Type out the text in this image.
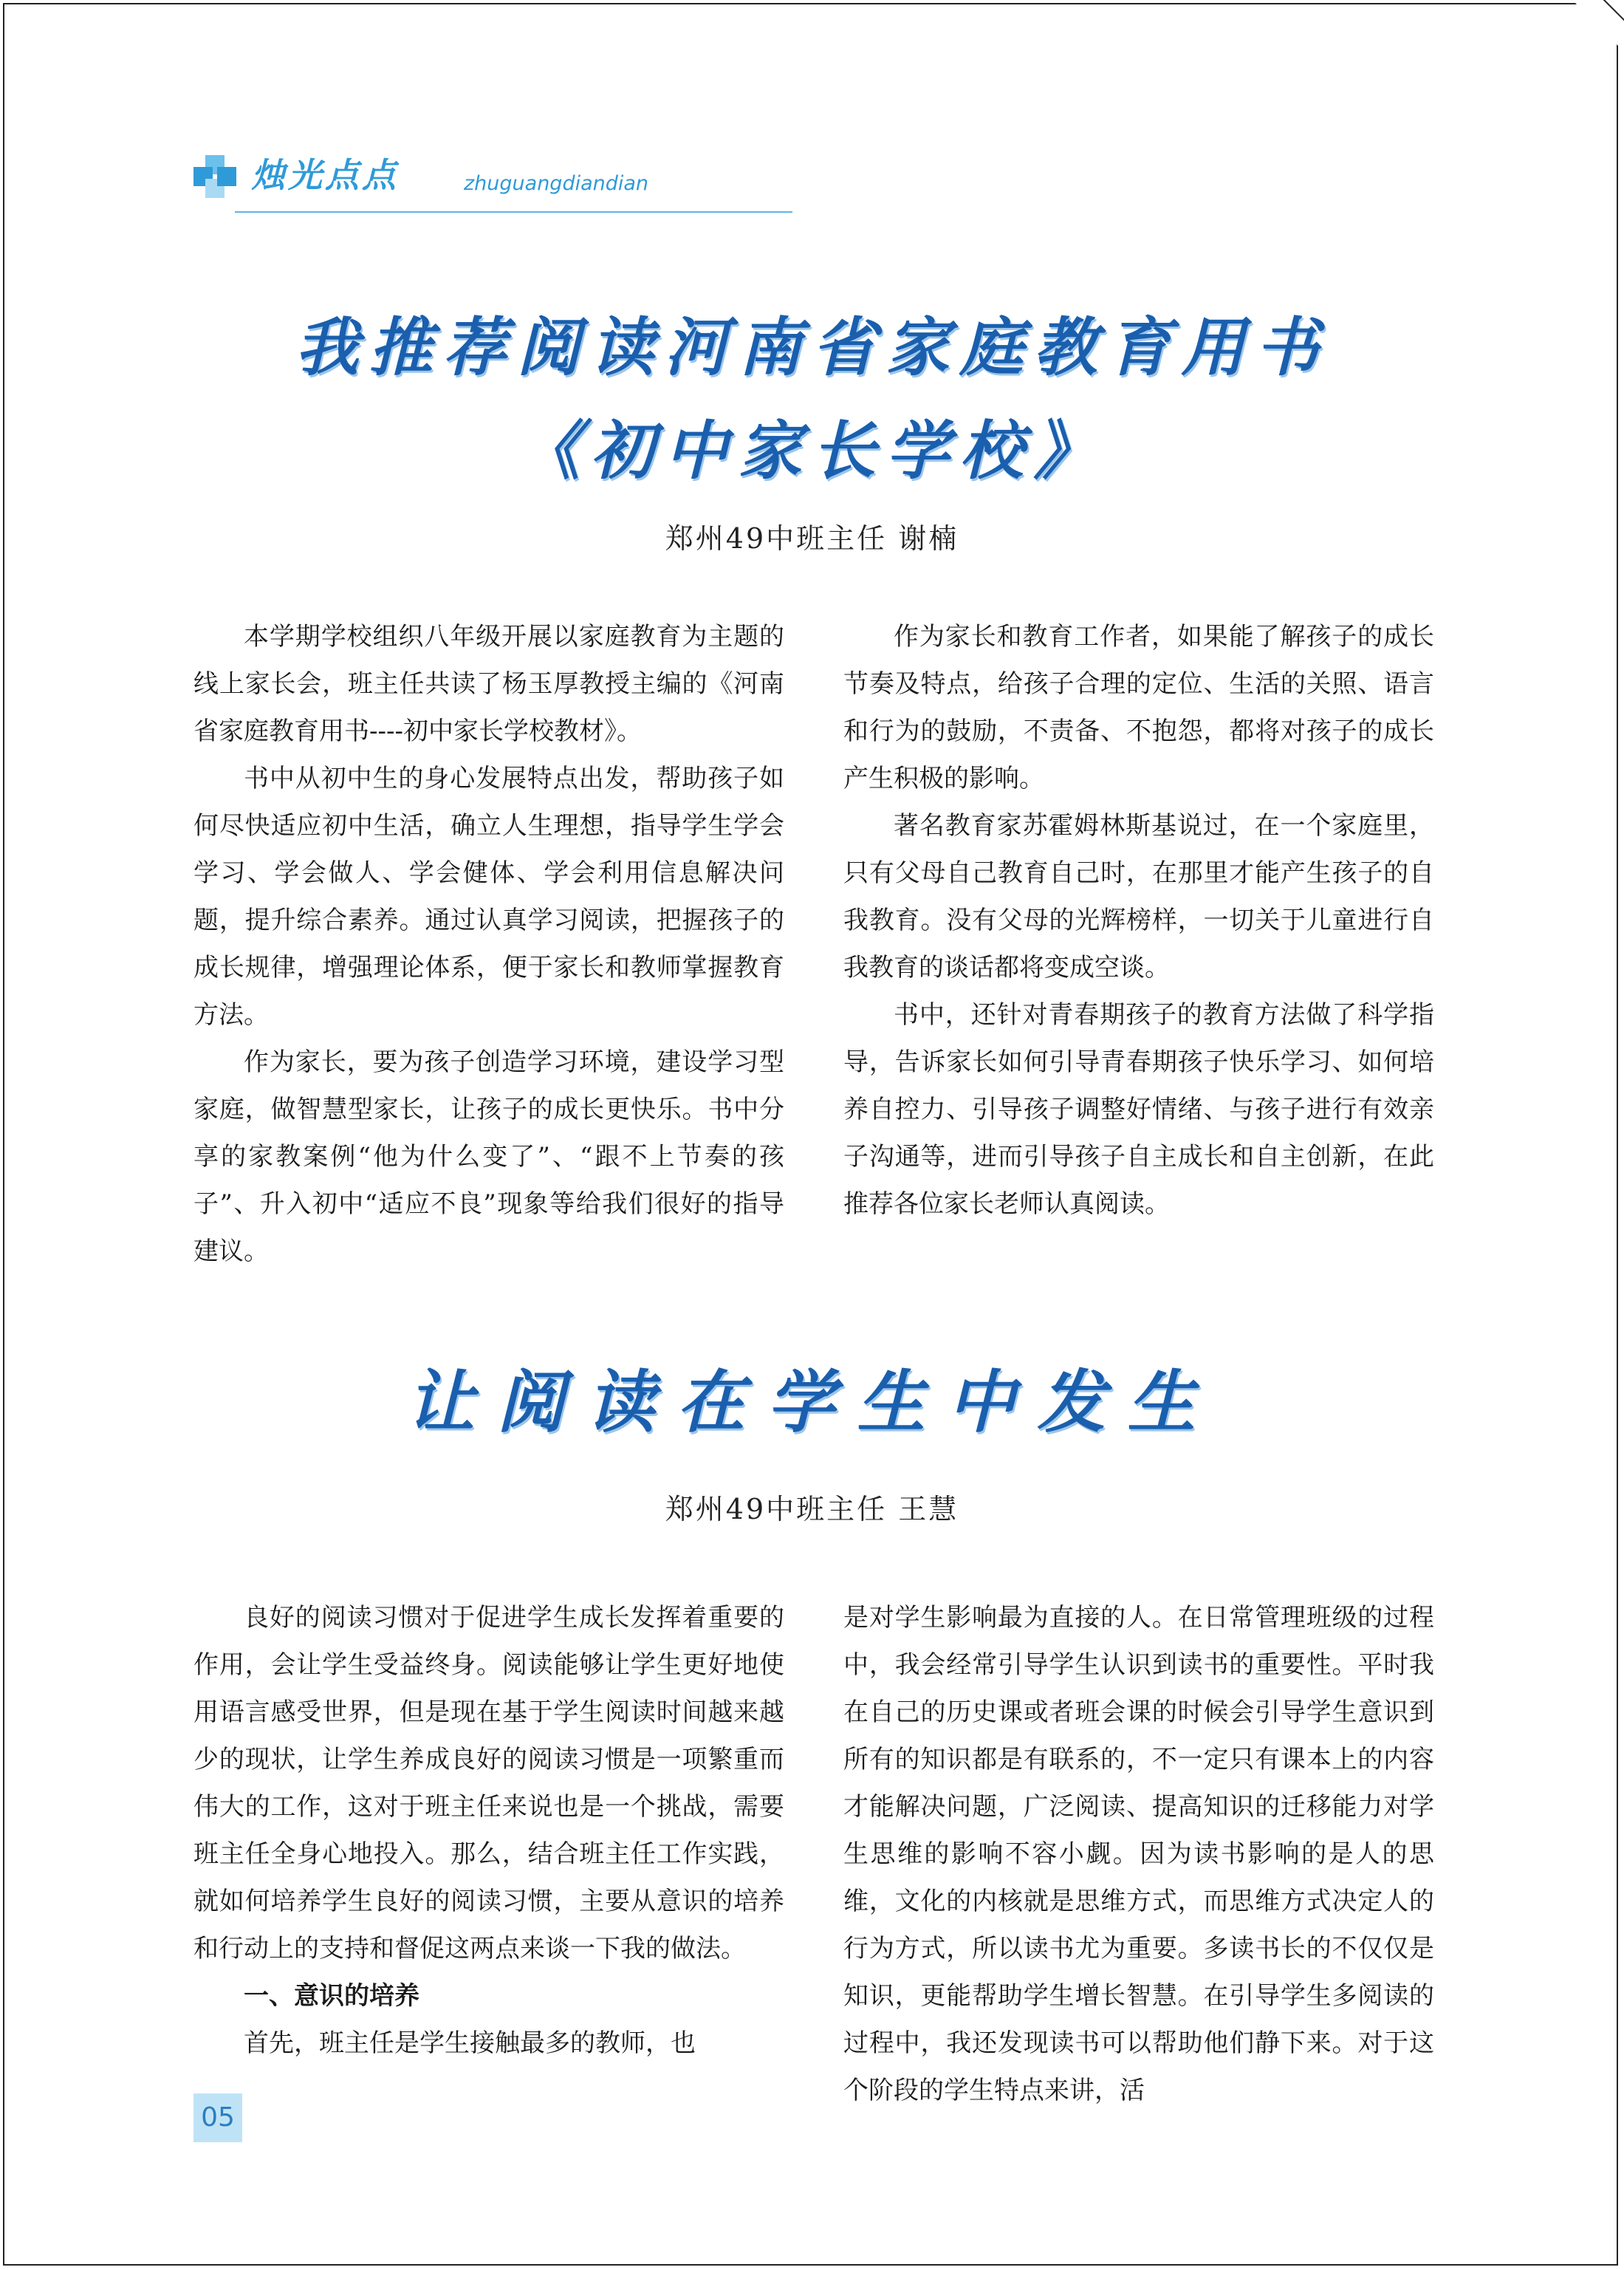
烛光点点	zhuguangdiandian
我推荐阅读河南省家庭教育用书
《初中家长学校》
郑州49中班主任 谢楠

本学期学校组织八年级开展以家庭教育为主题的线上家长会，班主任共读了杨玉厚教授主编的《河南省家庭教育用书----初中家长学校教材》。

书中从初中生的身心发展特点出发，帮助孩子如何尽快适应初中生活，确立人生理想，指导学生学会学习、学会做人、学会健体、学会利用信息解决问题，提升综合素养。通过认真学习阅读，把握孩子的成长规律，增强理论体系，便于家长和教师掌握教育方法。

作为家长，要为孩子创造学习环境，建设学习型家庭，做智慧型家长，让孩子的成长更快乐。书中分享的家教案例“他为什么变了”、“跟不上节奏的孩子”、升入初中“适应不良”现象等给我们很好的指导建议。

作为家长和教育工作者，如果能了解孩子的成长节奏及特点，给孩子合理的定位、生活的关照、语言和行为的鼓励，不责备、不抱怨，都将对孩子的成长产生积极的影响。

著名教育家苏霍姆林斯基说过，在一个家庭里，只有父母自己教育自己时，在那里才能产生孩子的自我教育。没有父母的光辉榜样，一切关于儿童进行自我教育的谈话都将变成空谈。

书中，还针对青春期孩子的教育方法做了科学指导，告诉家长如何引导青春期孩子快乐学习、如何培养自控力、引导孩子调整好情绪、与孩子进行有效亲子沟通等，进而引导孩子自主成长和自主创新，在此推荐各位家长老师认真阅读。

让阅读在学生中发生
郑州49中班主任 王慧

良好的阅读习惯对于促进学生成长发挥着重要的作用，会让学生受益终身。阅读能够让学生更好地使用语言感受世界，但是现在基于学生阅读时间越来越少的现状，让学生养成良好的阅读习惯是一项繁重而伟大的工作，这对于班主任来说也是一个挑战，需要班主任全身心地投入。那么，结合班主任工作实践，就如何培养学生良好的阅读习惯，主要从意识的培养和行动上的支持和督促这两点来谈一下我的做法。

一、意识的培养

首先，班主任是学生接触最多的教师，也

是对学生影响最为直接的人。在日常管理班级的过程中，我会经常引导学生认识到读书的重要性。平时我在自己的历史课或者班会课的时候会引导学生意识到所有的知识都是有联系的，不一定只有课本上的内容才能解决问题，广泛阅读、提高知识的迁移能力对学生思维的影响不容小觑。因为读书影响的是人的思维，文化的内核就是思维方式，而思维方式决定人的行为方式，所以读书尤为重要。多读书长的不仅仅是知识，更能帮助学生增长智慧。在引导学生多阅读的过程中，我还发现读书可以帮助他们静下来。对于这个阶段的学生特点来讲，活

05
